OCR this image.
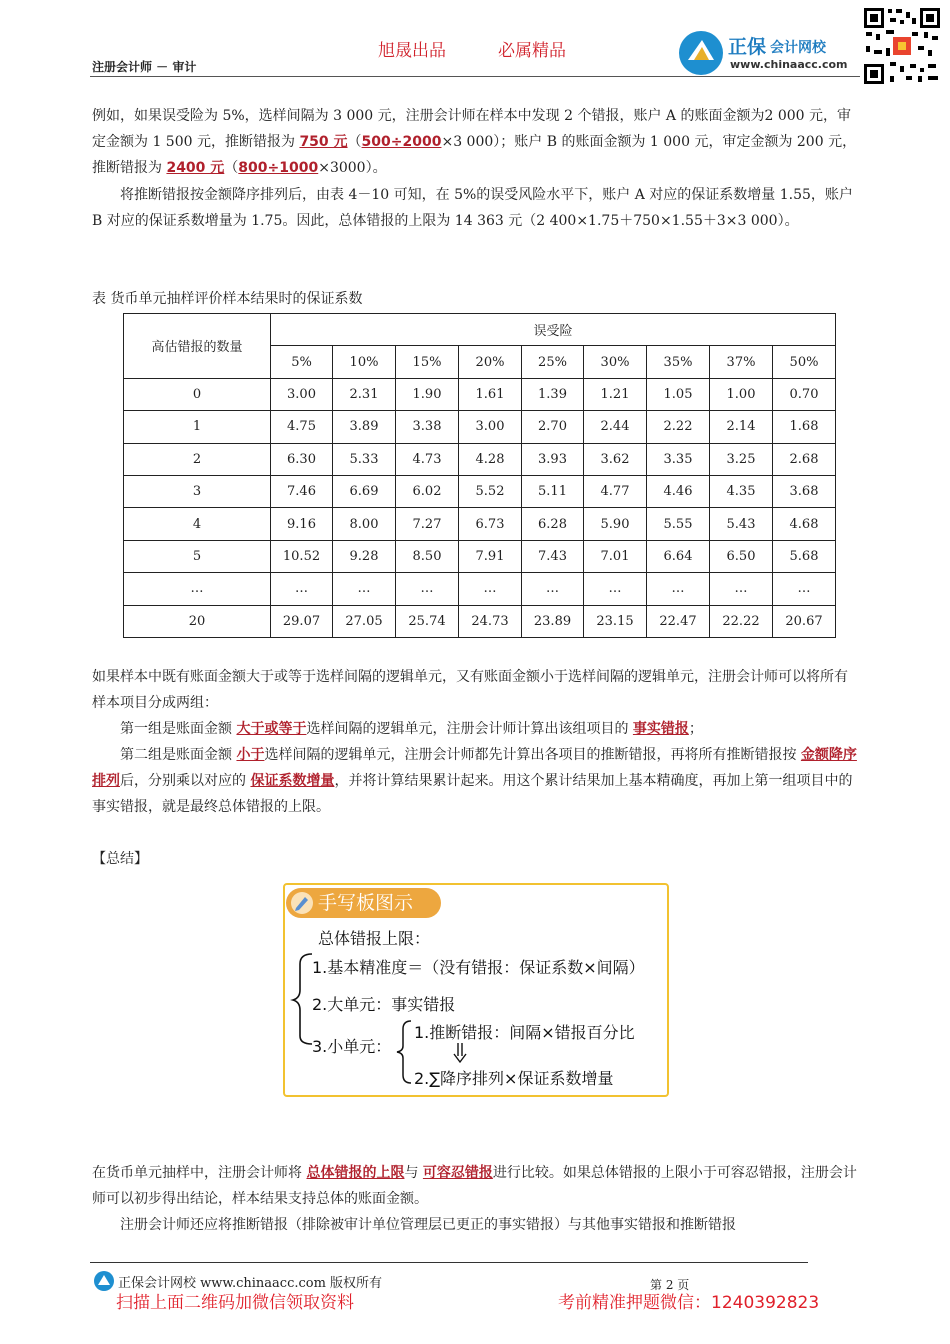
旭晟出品	必属精品
注册会计师 － 审计
正保 会计网校
www.chinaacc.com
例如，如果误受险为 5%，选样间隔为 3 000 元，注册会计师在样本中发现 2 个错报，账户 A 的账面金额为2 000 元，审定金额为 1 500 元，推断错报为 750 元（500÷2000×3 000）；账户 B 的账面金额为 1 000 元，审定金额为 200 元，推断错报为 2400 元（800÷1000×3000）。
将推断错报按金额降序排列后，由表 4－10 可知，在 5%的误受风险水平下，账户 A 对应的保证系数增量 1.55，账户 B 对应的保证系数增量为 1.75。因此，总体错报的上限为 14 363 元（2 400×1.75＋750×1.55＋3×3 000）。
表 货币单元抽样评价样本结果时的保证系数
高估错报的数量	误受险								
	5%	10%	15%	20%	25%	30%	35%	37%	50%
0	3.00	2.31	1.90	1.61	1.39	1.21	1.05	1.00	0.70
1	4.75	3.89	3.38	3.00	2.70	2.44	2.22	2.14	1.68
2	6.30	5.33	4.73	4.28	3.93	3.62	3.35	3.25	2.68
3	7.46	6.69	6.02	5.52	5.11	4.77	4.46	4.35	3.68
4	9.16	8.00	7.27	6.73	6.28	5.90	5.55	5.43	4.68
5	10.52	9.28	8.50	7.91	7.43	7.01	6.64	6.50	5.68
…	…	…	…	…	…	…	…	…	…
20	29.07	27.05	25.74	24.73	23.89	23.15	22.47	22.22	20.67
如果样本中既有账面金额大于或等于选样间隔的逻辑单元，又有账面金额小于选样间隔的逻辑单元，注册会计师可以将所有样本项目分成两组：
第一组是账面金额 大于或等于选样间隔的逻辑单元，注册会计师计算出该组项目的 事实错报；
第二组是账面金额 小于选样间隔的逻辑单元，注册会计师都先计算出各项目的推断错报，再将所有推断错报按 金额降序排列后，分别乘以对应的 保证系数增量，并将计算结果累计起来。用这个累计结果加上基本精确度，再加上第一组项目中的事实错报，就是最终总体错报的上限。
【总结】
手写板图示
总体错报上限：
1.基本精准度＝（没有错报：保证系数×间隔）
2.大单元：事实错报
3.小单元：
1.推断错报：间隔×错报百分比
2.∑降序排列×保证系数增量
在货币单元抽样中，注册会计师将 总体错报的上限与 可容忍错报进行比较。如果总体错报的上限小于可容忍错报，注册会计师可以初步得出结论，样本结果支持总体的账面金额。
注册会计师还应将推断错报（排除被审计单位管理层已更正的事实错报）与其他事实错报和推断错报
正保会计网校 www.chinaacc.com 版权所有	第 2 页
扫描上面二维码加微信领取资料	考前精准押题微信：1240392823
